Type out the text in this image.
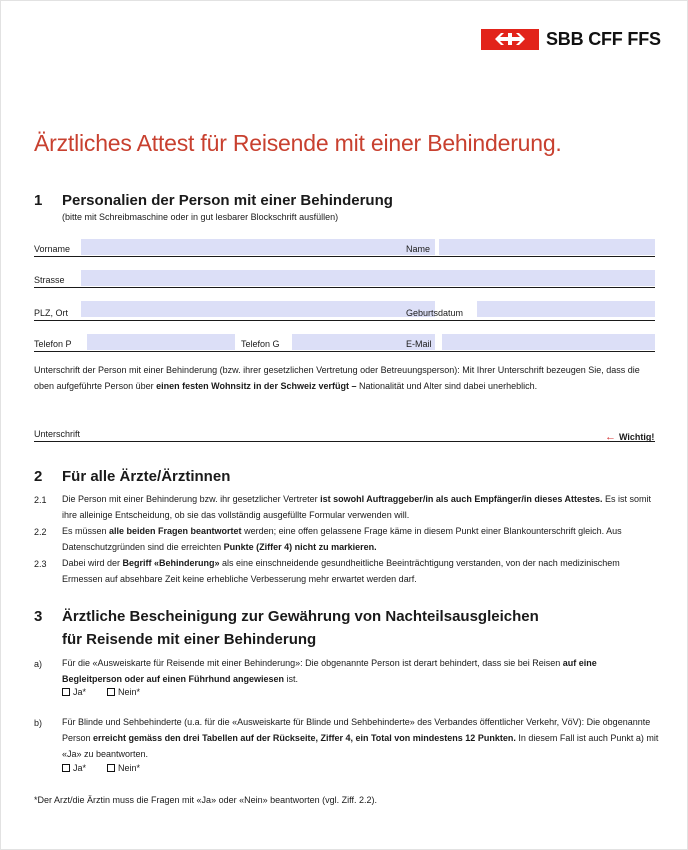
SBB CFF FFS
Ärztliches Attest für Reisende mit einer Behinderung.
1 Personalien der Person mit einer Behinderung
(bitte mit Schreibmaschine oder in gut lesbarer Blockschrift ausfüllen)
Vorname	Name
Strasse
PLZ, Ort	Geburtsdatum
Telefon P	Telefon G	E-Mail

Unterschrift der Person mit einer Behinderung (bzw. ihrer gesetzlichen Vertretung oder Betreuungsperson): Mit Ihrer Unterschrift bezeugen Sie, dass die oben aufgeführte Person über einen festen Wohnsitz in der Schweiz verfügt – Nationalität und Alter sind dabei unerheblich.

Unterschrift	← Wichtig!
2 Für alle Ärzte/Ärztinnen
2.1 Die Person mit einer Behinderung bzw. ihr gesetzlicher Vertreter ist sowohl Auftraggeber/in als auch Empfänger/in dieses Attestes. Es ist somit ihre alleinige Entscheidung, ob sie das vollständig ausgefüllte Formular verwenden will.

2.2 Es müssen alle beiden Fragen beantwortet werden; eine offen gelassene Frage käme in diesem Punkt einer Blankounterschrift gleich. Aus Datenschutzgründen sind die erreichten Punkte (Ziffer 4) nicht zu markieren.

2.3 Dabei wird der Begriff «Behinderung» als eine einschneidende gesundheitliche Beeinträchtigung verstanden, von der nach medizinischem Ermessen auf absehbare Zeit keine erhebliche Verbesserung mehr erwartet werden darf.

3 Ärztliche Bescheinigung zur Gewährung von Nachteilsausgleichen
für Reisende mit einer Behinderung
a) Für die «Ausweiskarte für Reisende mit einer Behinderung»: Die obgenannte Person ist derart behindert, dass sie bei Reisen auf eine Begleitperson oder auf einen Führhund angewiesen ist.

Ja*	Nein*
b) Für Blinde und Sehbehinderte (u.a. für die «Ausweiskarte für Blinde und Sehbehinderte» des Verbandes öffentlicher Verkehr, VöV): Die obgenannte Person erreicht gemäss den drei Tabellen auf der Rückseite, Ziffer 4, ein Total von mindestens 12 Punkten. In diesem Fall ist auch Punkt a) mit «Ja» zu beantworten.

Ja*	Nein*
*Der Arzt/die Ärztin muss die Fragen mit «Ja» oder «Nein» beantworten (vgl. Ziff. 2.2).
